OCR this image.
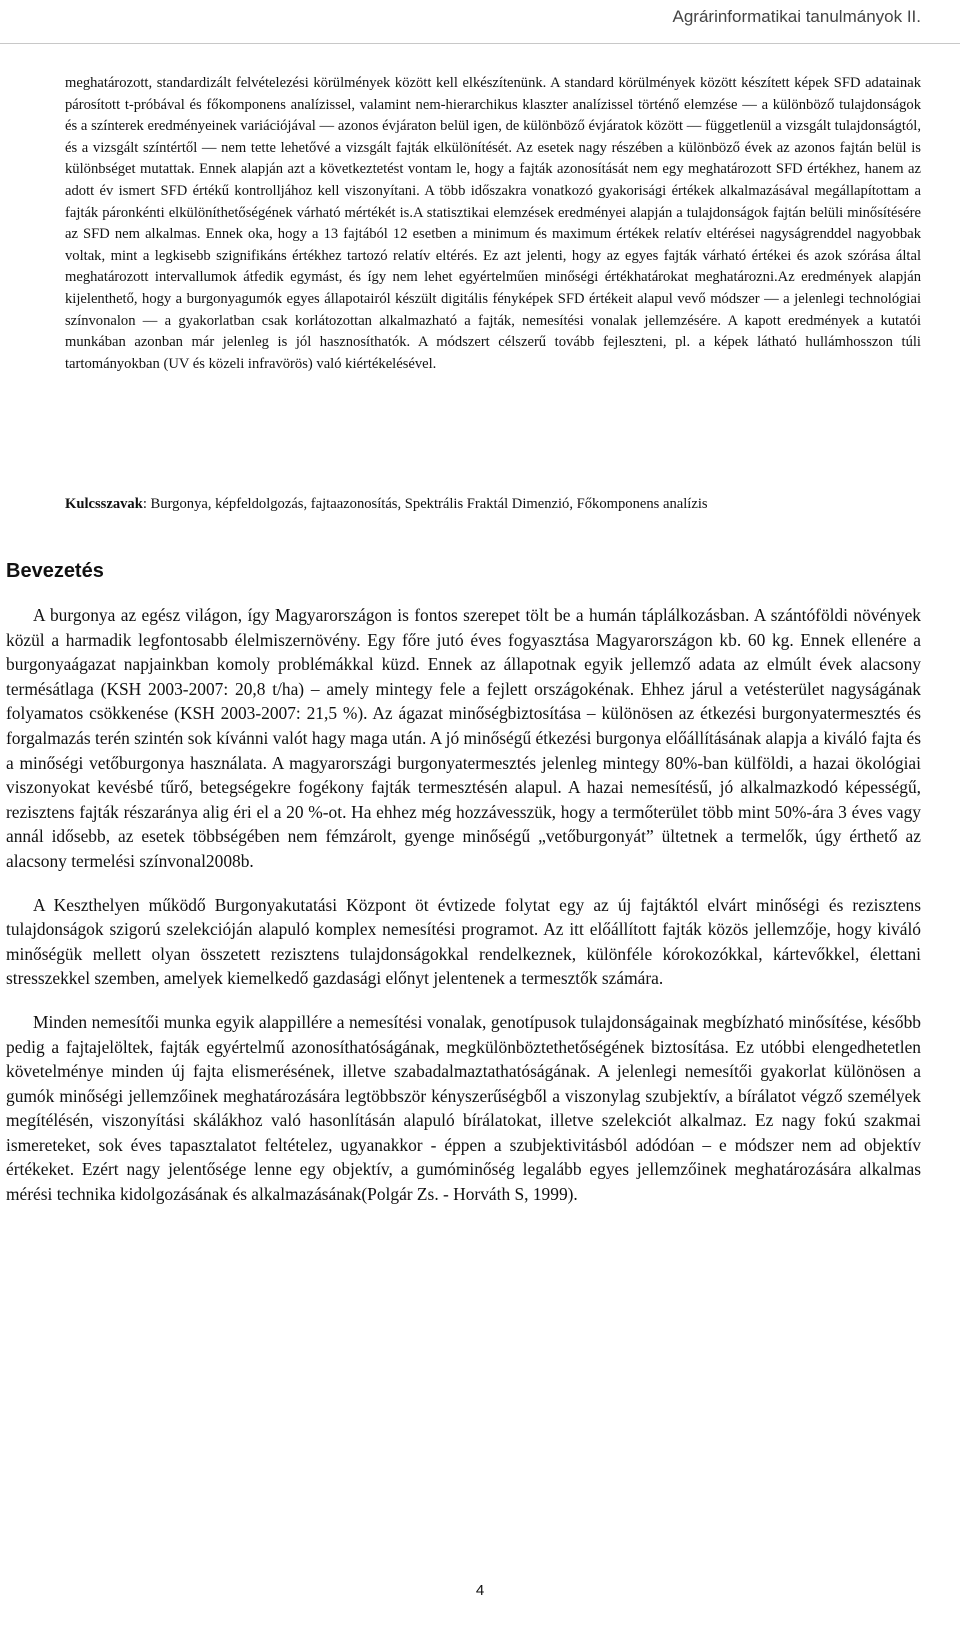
Agrárinformatikai tanulmányok II.

meghatározott, standardizált felvételezési körülmények között kell elkészítenünk. A standard körülmények között készített képek SFD adatainak párosított t-próbával és főkomponens analízissel, valamint nem-hierarchikus klaszter analízissel történő elemzése — a különböző tulajdonságok és a színterek eredményeinek variációjával — azonos évjáraton belül igen, de különböző évjáratok között — függetlenül a vizsgált tulajdonságtól, és a vizsgált színtértől — nem tette lehetővé a vizsgált fajták elkülönítését. Az esetek nagy részében a különböző évek az azonos fajtán belül is különbséget mutattak. Ennek alapján azt a következtetést vontam le, hogy a fajták azonosítását nem egy meghatározott SFD értékhez, hanem az adott év ismert SFD értékű kontrolljához kell viszonyítani. A több időszakra vonatkozó gyakorisági értékek alkalmazásával megállapítottam a fajták páronkénti elkülöníthetőségének várható mértékét is.A statisztikai elemzések eredményei alapján a tulajdonságok fajtán belüli minősítésére az SFD nem alkalmas. Ennek oka, hogy a 13 fajtából 12 esetben a minimum és maximum értékek relatív eltérései nagyságrenddel nagyobbak voltak, mint a legkisebb szignifikáns értékhez tartozó relatív eltérés. Ez azt jelenti, hogy az egyes fajták várható értékei és azok szórása által meghatározott intervallumok átfedik egymást, és így nem lehet egyértelműen minőségi értékhatárokat meghatározni.Az eredmények alapján kijelenthető, hogy a burgonyagumók egyes állapotairól készült digitális fényképek SFD értékeit alapul vevő módszer — a jelenlegi technológiai színvonalon — a gyakorlatban csak korlátozottan alkalmazható a fajták, nemesítési vonalak jellemzésére. A kapott eredmények a kutatói munkában azonban már jelenleg is jól hasznosíthatók. A módszert célszerű tovább fejleszteni, pl. a képek látható hullámhosszon túli tartományokban (UV és közeli infravörös) való kiértékelésével.

Kulcsszavak: Burgonya, képfeldolgozás, fajtaazonosítás, Spektrális Fraktál Dimenzió, Főkomponens analízis
Bevezetés

A burgonya az egész világon, így Magyarországon is fontos szerepet tölt be a humán táplálkozásban. A szántóföldi növények közül a harmadik legfontosabb élelmiszernövény. Egy főre jutó éves fogyasztása Magyarországon kb. 60 kg. Ennek ellenére a burgonyaágazat napjainkban komoly problémákkal küzd. Ennek az állapotnak egyik jellemző adata az elmúlt évek alacsony termésátlaga (KSH 2003-2007: 20,8 t/ha) – amely mintegy fele a fejlett országokénak. Ehhez járul a vetésterület nagyságának folyamatos csökkenése (KSH 2003-2007: 21,5 %). Az ágazat minőségbiztosítása – különösen az étkezési burgonyatermesztés és forgalmazás terén szintén sok kívánni valót hagy maga után. A jó minőségű étkezési burgonya előállításának alapja a kiváló fajta és a minőségi vetőburgonya használata. A magyarországi burgonyatermesztés jelenleg mintegy 80%-ban külföldi, a hazai ökológiai viszonyokat kevésbé tűrő, betegségekre fogékony fajták termesztésén alapul. A hazai nemesítésű, jó alkalmazkodó képességű, rezisztens fajták részaránya alig éri el a 20 %-ot. Ha ehhez még hozzávesszük, hogy a termőterület több mint 50%-ára 3 éves vagy annál idősebb, az esetek többségében nem fémzárolt, gyenge minőségű „vetőburgonyát” ültetnek a termelők, úgy érthető az alacsony termelési színvonal2008b.

A Keszthelyen működő Burgonyakutatási Központ öt évtizede folytat egy az új fajtáktól elvárt minőségi és rezisztens tulajdonságok szigorú szelekcióján alapuló komplex nemesítési programot. Az itt előállított fajták közös jellemzője, hogy kiváló minőségük mellett olyan összetett rezisztens tulajdonságokkal rendelkeznek, különféle kórokozókkal, kártevőkkel, élettani stresszekkel szemben, amelyek kiemelkedő gazdasági előnyt jelentenek a termesztők számára.

Minden nemesítői munka egyik alappillére a nemesítési vonalak, genotípusok tulajdonságainak megbízható minősítése, később pedig a fajtajelöltek, fajták egyértelmű azonosíthatóságának, megkülönböztethetőségének biztosítása. Ez utóbbi elengedhetetlen követelménye minden új fajta elismerésének, illetve szabadalmaztathatóságának. A jelenlegi nemesítői gyakorlat különösen a gumók minőségi jellemzőinek meghatározására legtöbbször kényszerűségből a viszonylag szubjektív, a bírálatot végző személyek megítélésén, viszonyítási skálákhoz való hasonlításán alapuló bírálatokat, illetve szelekciót alkalmaz. Ez nagy fokú szakmai ismereteket, sok éves tapasztalatot feltételez, ugyanakkor - éppen a szubjektivitásból adódóan – e módszer nem ad objektív értékeket. Ezért nagy jelentősége lenne egy objektív, a gumóminőség legalább egyes jellemzőinek meghatározására alkalmas mérési technika kidolgozásának és alkalmazásának(Polgár Zs. - Horváth S, 1999).

4
